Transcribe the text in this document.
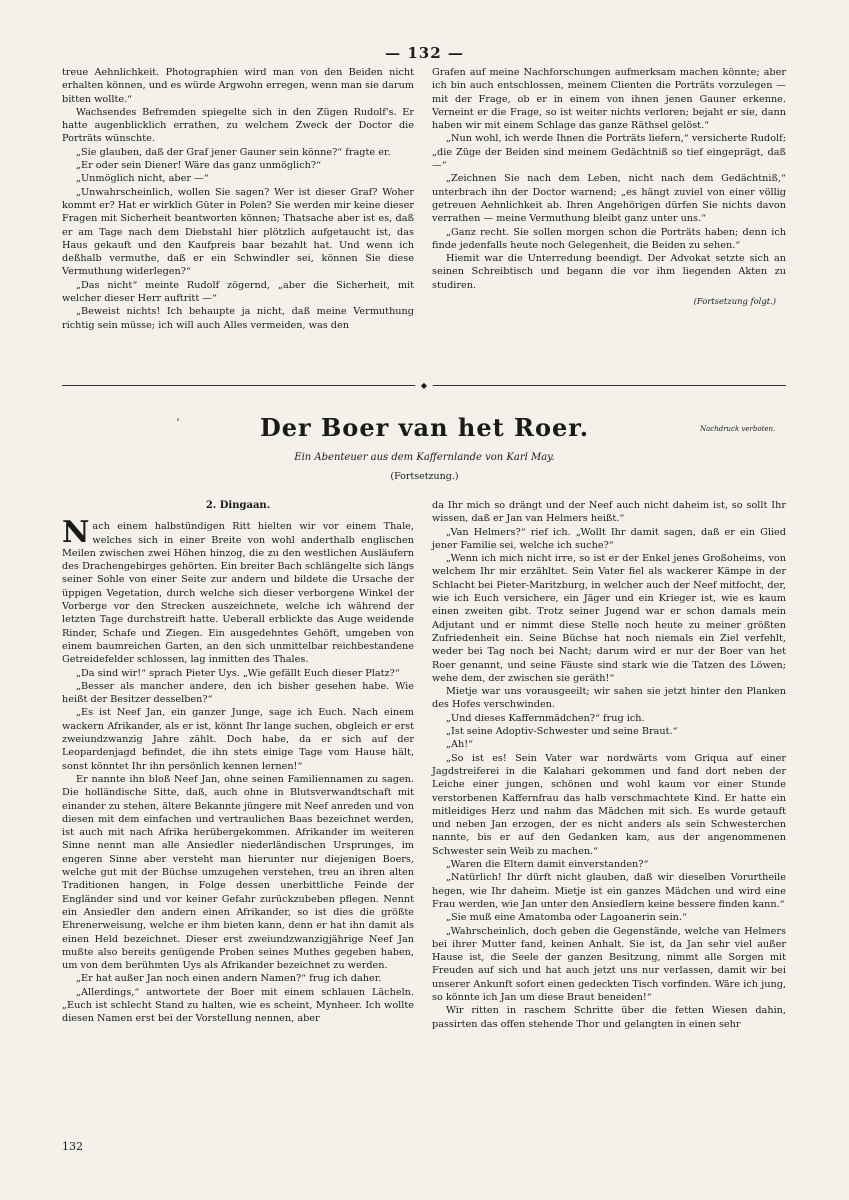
— 132 —

treue Aehnlichkeit. Photographien wird man von den Beiden nicht erhalten können, und es würde Argwohn erregen, wenn man sie darum bitten wollte.“

Wachsendes Befremden spiegelte sich in den Zügen Rudolf's. Er hatte augenblicklich errathen, zu welchem Zweck der Doctor die Porträts wünschte.

„Sie glauben, daß der Graf jener Gauner sein könne?“ fragte er.

„Er oder sein Diener! Wäre das ganz unmöglich?“

„Unmöglich nicht, aber —“

„Unwahrscheinlich, wollen Sie sagen? Wer ist dieser Graf? Woher kommt er? Hat er wirklich Güter in Polen? Sie werden mir keine dieser Fragen mit Sicherheit beantworten können; Thatsache aber ist es, daß er am Tage nach dem Diebstahl hier plötzlich aufgetaucht ist, das Haus gekauft und den Kaufpreis baar bezahlt hat. Und wenn ich deßhalb vermuthe, daß er ein Schwindler sei, können Sie diese Vermuthung widerlegen?“

„Das nicht“ meinte Rudolf zögernd, „aber die Sicherheit, mit welcher dieser Herr auftritt —“

„Beweist nichts! Ich behaupte ja nicht, daß meine Vermuthung richtig sein müsse; ich will auch Alles vermeiden, was den

Grafen auf meine Nachforschungen aufmerksam machen könnte; aber ich bin auch entschlossen, meinem Clienten die Porträts vorzulegen — mit der Frage, ob er in einem von ihnen jenen Gauner erkenne. Verneint er die Frage, so ist weiter nichts verloren; bejaht er sie, dann haben wir mit einem Schlage das ganze Räthsel gelöst.“

„Nun wohl, ich werde Ihnen die Porträts liefern,“ versicherte Rudolf; „die Züge der Beiden sind meinem Gedächtniß so tief eingeprägt, daß —“

„Zeichnen Sie nach dem Leben, nicht nach dem Gedächtniß,“ unterbrach ihn der Doctor warnend; „es hängt zuviel von einer völlig getreuen Aehnlichkeit ab. Ihren Angehörigen dürfen Sie nichts davon verrathen — meine Vermuthung bleibt ganz unter uns.“

„Ganz recht. Sie sollen morgen schon die Porträts haben; denn ich finde jedenfalls heute noch Gelegenheit, die Beiden zu sehen.“

Hiemit war die Unterredung beendigt. Der Advokat setzte sich an seinen Schreibtisch und begann die vor ihm liegenden Akten zu studiren.

(Fortsetzung folgt.)
◆
ʼ	Der Boer van het Roer.	Nachdruck verboten.
Ein Abenteuer aus dem Kaffernlande von Karl May.
(Fortsetzung.)
2. Dingaan.

Nach einem halbstündigen Ritt hielten wir vor einem Thale, welches sich in einer Breite von wohl anderthalb englischen Meilen zwischen zwei Höhen hinzog, die zu den westlichen Ausläufern des Drachengebirges gehörten. Ein breiter Bach schlängelte sich längs seiner Sohle von einer Seite zur andern und bildete die Ursache der üppigen Vegetation, durch welche sich dieser verborgene Winkel der Vorberge vor den Strecken auszeichnete, welche ich während der letzten Tage durchstreift hatte. Ueberall erblickte das Auge weidende Rinder, Schafe und Ziegen. Ein ausgedehntes Gehöft, umgeben von einem baumreichen Garten, an den sich unmittelbar reichbestandene Getreidefelder schlossen, lag inmitten des Thales.

„Da sind wir!“ sprach Pieter Uys. „Wie gefällt Euch dieser Platz?“

„Besser als mancher andere, den ich bisher gesehen habe. Wie heißt der Besitzer desselben?“

„Es ist Neef Jan, ein ganzer Junge, sage ich Euch. Nach einem wackern Afrikander, als er ist, könnt Ihr lange suchen, obgleich er erst zweiundzwanzig Jahre zählt. Doch habe, da er sich auf der Leopardenjagd befindet, die ihn stets einige Tage vom Hause hält, sonst könntet Ihr ihn persönlich kennen lernen!“

Er nannte ihn bloß Neef Jan, ohne seinen Familiennamen zu sagen. Die holländische Sitte, daß, auch ohne in Blutsverwandtschaft mit einander zu stehen, ältere Bekannte jüngere mit Neef anreden und von diesen mit dem einfachen und vertraulichen Baas bezeichnet werden, ist auch mit nach Afrika herübergekommen. Afrikander im weiteren Sinne nennt man alle Ansiedler niederländischen Ursprunges, im engeren Sinne aber versteht man hierunter nur diejenigen Boers, welche gut mit der Büchse umzugehen verstehen, treu an ihren alten Traditionen hangen, in Folge dessen unerbittliche Feinde der Engländer sind und vor keiner Gefahr zurückzubeben pflegen. Nennt ein Ansiedler den andern einen Afrikander, so ist dies die größte Ehrenerweisung, welche er ihm bieten kann, denn er hat ihn damit als einen Held bezeichnet. Dieser erst zweiundzwanzigjährige Neef Jan mußte also bereits genügende Proben seines Muthes gegeben haben, um von dem berühmten Uys als Afrikander bezeichnet zu werden.

„Er hat außer Jan noch einen andern Namen?“ frug ich daher.

„Allerdings,“ antwortete der Boer mit einem schlauen Lächeln. „Euch ist schlecht Stand zu halten, wie es scheint, Mynheer. Ich wollte diesen Namen erst bei der Vorstellung nennen, aber

da Ihr mich so drängt und der Neef auch nicht daheim ist, so sollt Ihr wissen, daß er Jan van Helmers heißt.“

„Van Helmers?“ rief ich. „Wollt Ihr damit sagen, daß er ein Glied jener Familie sei, welche ich suche?“

„Wenn ich mich nicht irre, so ist er der Enkel jenes Großoheims, von welchem Ihr mir erzähltet. Sein Vater fiel als wackerer Kämpe in der Schlacht bei Pieter-Maritzburg, in welcher auch der Neef mitfocht, der, wie ich Euch versichere, ein Jäger und ein Krieger ist, wie es kaum einen zweiten gibt. Trotz seiner Jugend war er schon damals mein Adjutant und er nimmt diese Stelle noch heute zu meiner größten Zufriedenheit ein. Seine Büchse hat noch niemals ein Ziel verfehlt, weder bei Tag noch bei Nacht; darum wird er nur der Boer van het Roer genannt, und seine Fäuste sind stark wie die Tatzen des Löwen; wehe dem, der zwischen sie geräth!“

Mietje war uns vorausgeeilt; wir sahen sie jetzt hinter den Planken des Hofes verschwinden.

„Und dieses Kaffernmädchen?“ frug ich.

„Ist seine Adoptiv-Schwester und seine Braut.“

„Ah!“

„So ist es! Sein Vater war nordwärts vom Griqua auf einer Jagdstreiferei in die Kalahari gekommen und fand dort neben der Leiche einer jungen, schönen und wohl kaum vor einer Stunde verstorbenen Kaffernfrau das halb verschmachtete Kind. Er hatte ein mitleidiges Herz und nahm das Mädchen mit sich. Es wurde getauft und neben Jan erzogen, der es nicht anders als sein Schwesterchen nannte, bis er auf den Gedanken kam, aus der angenommenen Schwester sein Weib zu machen.“

„Waren die Eltern damit einverstanden?“

„Natürlich! Ihr dürft nicht glauben, daß wir dieselben Vorurtheile hegen, wie Ihr daheim. Mietje ist ein ganzes Mädchen und wird eine Frau werden, wie Jan unter den Ansiedlern keine bessere finden kann.“

„Sie muß eine Amatomba oder Lagoanerin sein.“

„Wahrscheinlich, doch geben die Gegenstände, welche van Helmers bei ihrer Mutter fand, keinen Anhalt. Sie ist, da Jan sehr viel außer Hause ist, die Seele der ganzen Besitzung, nimmt alle Sorgen mit Freuden auf sich und hat auch jetzt uns nur verlassen, damit wir bei unserer Ankunft sofort einen gedeckten Tisch vorfinden. Wäre ich jung, so könnte ich Jan um diese Braut beneiden!“

Wir ritten in raschem Schritte über die fetten Wiesen dahin, passirten das offen stehende Thor und gelangten in einen sehr

132
